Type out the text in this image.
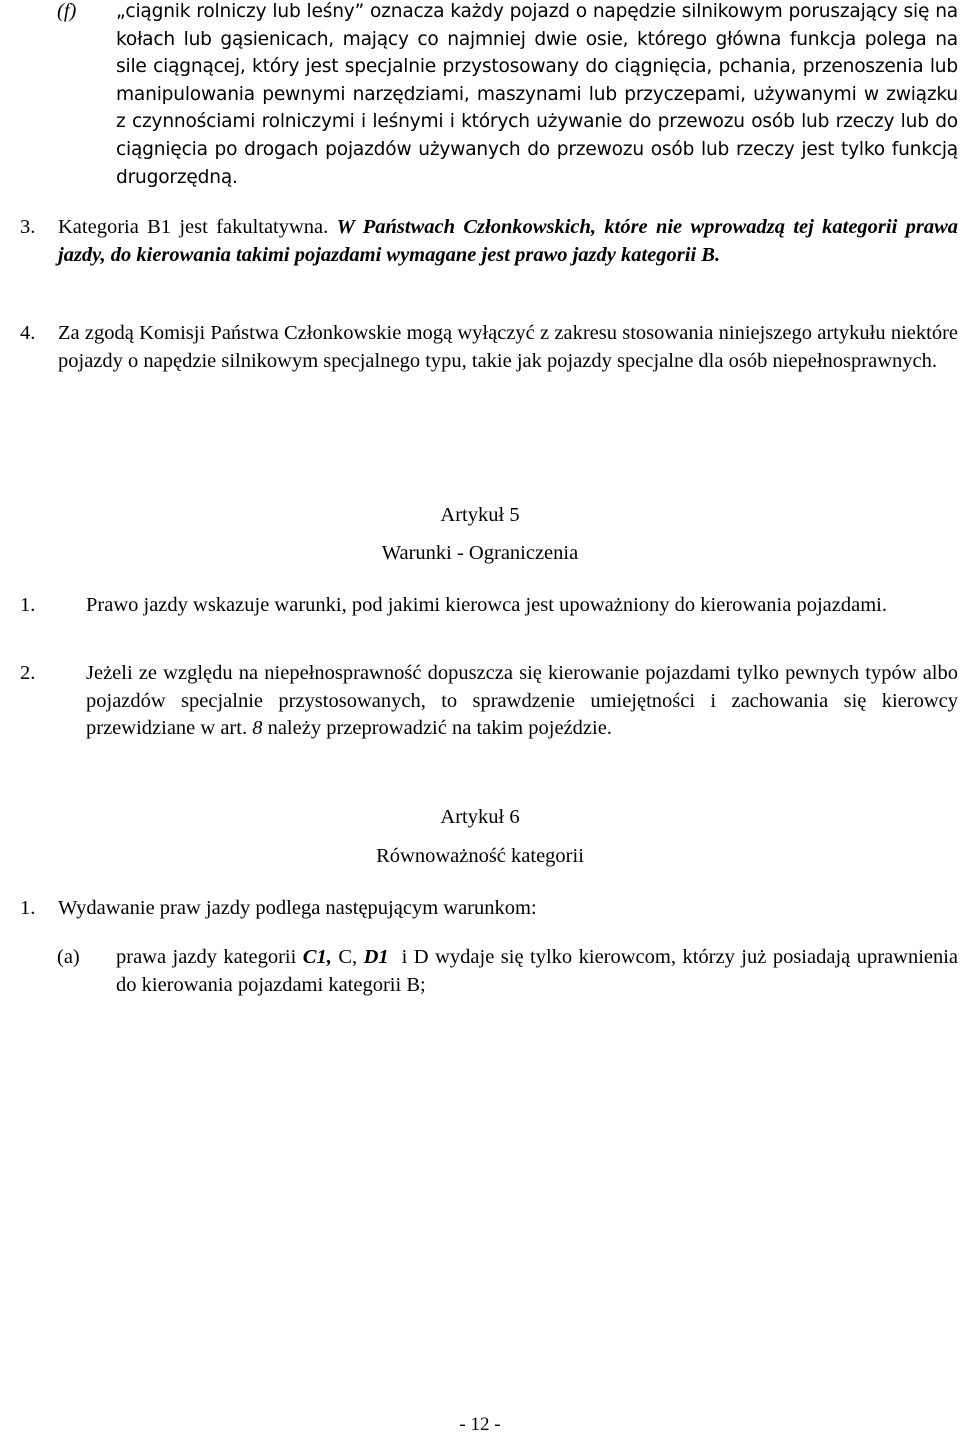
(f) „ciągnik rolniczy lub leśny” oznacza każdy pojazd o napędzie silnikowym poruszający się na kołach lub gąsienicach, mający co najmniej dwie osie, którego główna funkcja polega na sile ciągnącej, który jest specjalnie przystosowany do ciągnięcia, pchania, przenoszenia lub manipulowania pewnymi narzędziami, maszynami lub przyczepami, używanymi w związku z czynnościami rolniczymi i leśnymi i których używanie do przewozu osób lub rzeczy lub do ciągnięcia po drogach pojazdów używanych do przewozu osób lub rzeczy jest tylko funkcją drugorzędną.
3. Kategoria B1 jest fakultatywna. W Państwach Członkowskich, które nie wprowadzą tej kategorii prawa jazdy, do kierowania takimi pojazdami wymagane jest prawo jazdy kategorii B.
4. Za zgodą Komisji Państwa Członkowskie mogą wyłączyć z zakresu stosowania niniejszego artykułu niektóre pojazdy o napędzie silnikowym specjalnego typu, takie jak pojazdy specjalne dla osób niepełnosprawnych.
Artykuł 5
Warunki - Ograniczenia
1. Prawo jazdy wskazuje warunki, pod jakimi kierowca jest upoważniony do kierowania pojazdami.
2. Jeżeli ze względu na niepełnosprawność dopuszcza się kierowanie pojazdami tylko pewnych typów albo pojazdów specjalnie przystosowanych, to sprawdzenie umiejętności i zachowania się kierowcy przewidziane w art. 8 należy przeprowadzić na takim pojeździe.
Artykuł 6
Równoważność kategorii
1. Wydawanie praw jazdy podlega następującym warunkom:
(a) prawa jazdy kategorii C1, C, D1 i D wydaje się tylko kierowcom, którzy już posiadają uprawnienia do kierowania pojazdami kategorii B;
- 12 -
